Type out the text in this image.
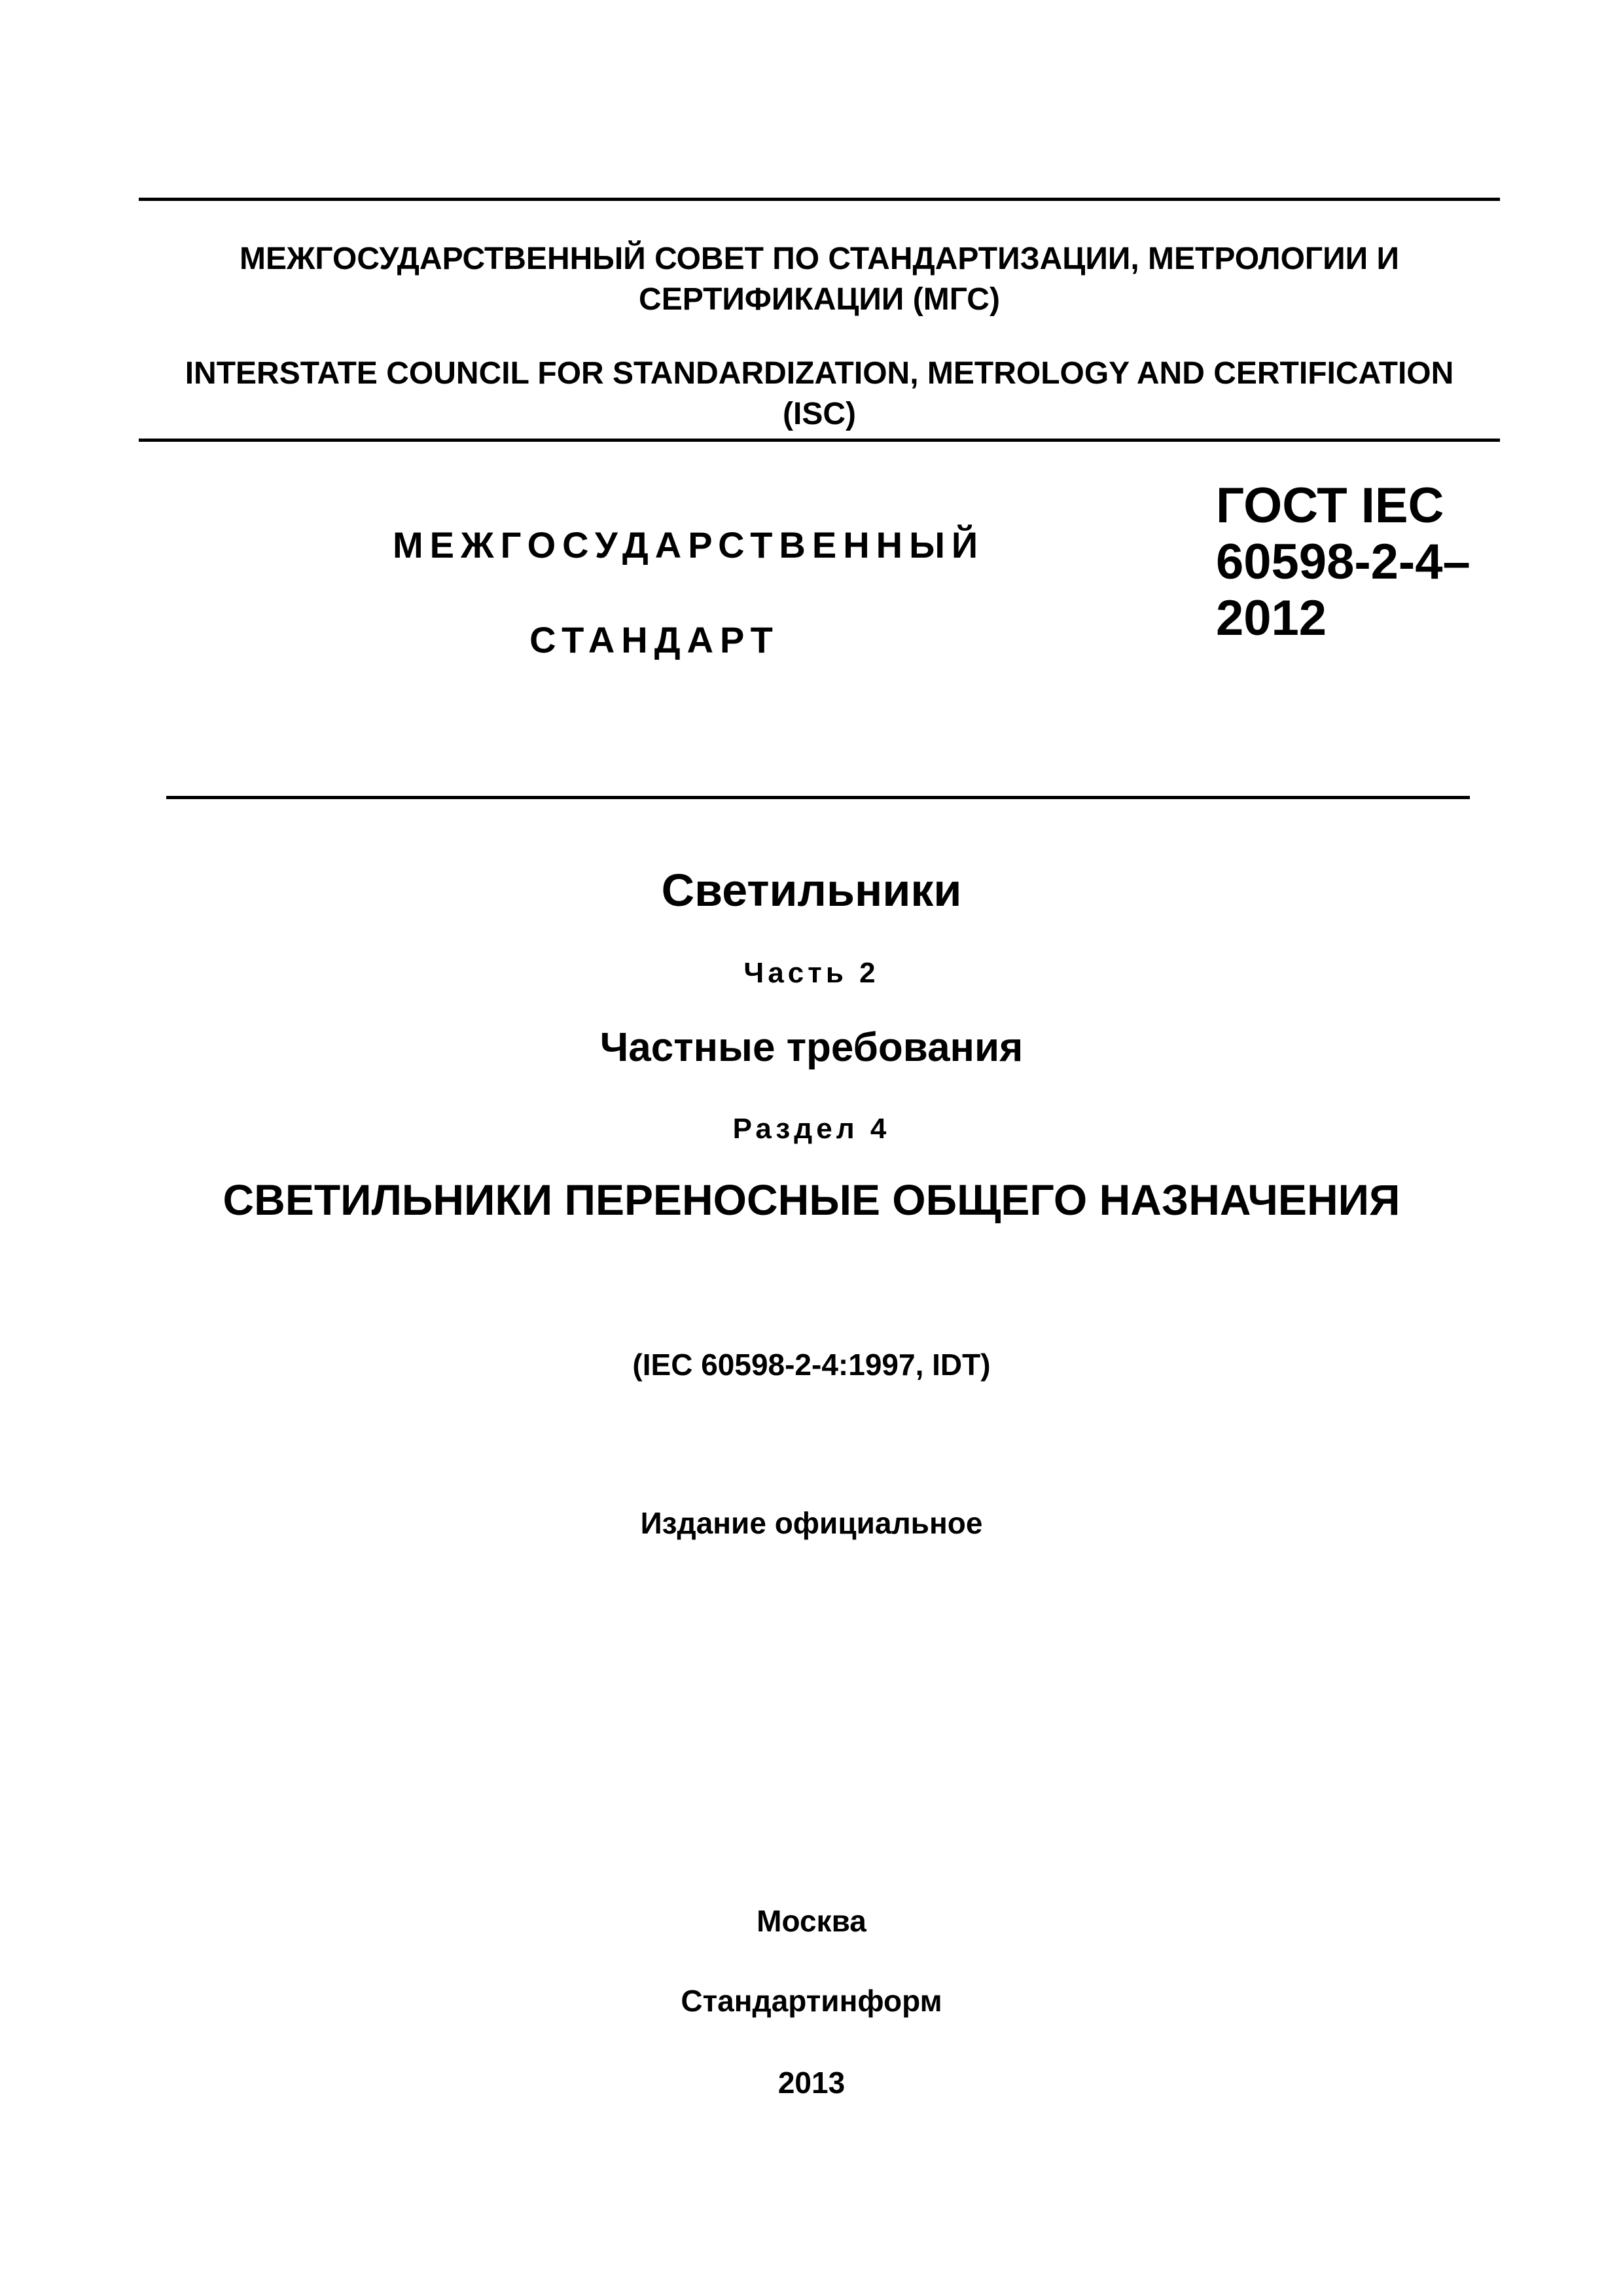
МЕЖГОСУДАРСТВЕННЫЙ СОВЕТ ПО СТАНДАРТИЗАЦИИ, МЕТРОЛОГИИ И
СЕРТИФИКАЦИИ (МГС)
INTERSTATE COUNCIL FOR STANDARDIZATION, METROLOGY AND CERTIFICATION
(ISC)
МЕЖГОСУДАРСТВЕННЫЙ
СТАНДАРТ
ГОСТ IEC
60598-2-4–
2012
Светильники
Часть 2
Частные требования
Раздел 4
СВЕТИЛЬНИКИ ПЕРЕНОСНЫЕ ОБЩЕГО НАЗНАЧЕНИЯ
(IEC 60598-2-4:1997, IDT)
Издание официальное
Москва
Стандартинформ
2013
